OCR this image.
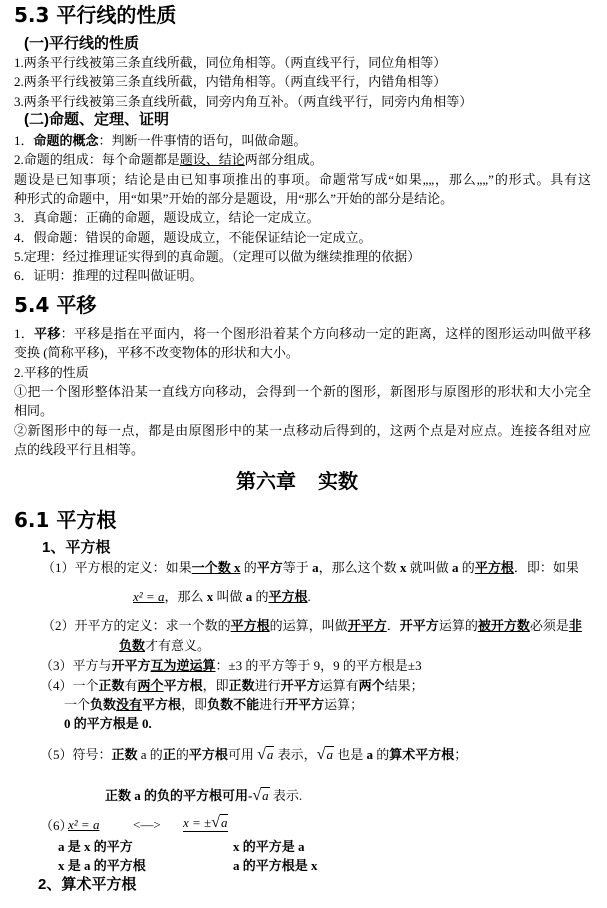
5.3 平行线的性质
(一)平行线的性质
1.两条平行线被第三条直线所截，同位角相等。（两直线平行，同位角相等）
2.两条平行线被第三条直线所截，内错角相等。（两直线平行，内错角相等）
3.两条平行线被第三条直线所截，同旁内角互补。（两直线平行，同旁内角相等）
(二)命题、定理、证明
1．命题的概念：判断一件事情的语句，叫做命题。
2.命题的组成：每个命题都是题设、结论两部分组成。
题设是已知事项；结论是由已知事项推出的事项。命题常写成“如果„„，那么„„”的形式。具有这
种形式的命题中，用“如果”开始的部分是题设，用“那么”开始的部分是结论。
3．真命题：正确的命题，题设成立，结论一定成立。
4．假命题：错误的命题，题设成立，不能保证结论一定成立。
5.定理：经过推理证实得到的真命题。（定理可以做为继续推理的依据）
6．证明：推理的过程叫做证明。
5.4 平移
1．平移：平移是指在平面内，将一个图形沿着某个方向移动一定的距离，这样的图形运动叫做平移
变换 (简称平移)，平移不改变物体的形状和大小。
2.平移的性质
①把一个图形整体沿某一直线方向移动，会得到一个新的图形，新图形与原图形的形状和大小完全
相同。
②新图形中的每一点，都是由原图形中的某一点移动后得到的，这两个点是对应点。连接各组对应
点的线段平行且相等。
第六章 实数
6.1 平方根
1、平方根
（1）平方根的定义：如果一个数 x 的平方等于 a，那么这个数 x 就叫做 a 的平方根．即：如果
x² = a，那么 x 叫做 a 的平方根.
（2）开平方的定义：求一个数的平方根的运算，叫做开平方．开平方运算的被开方数必须是非
负数才有意义。
（3）平方与开平方互为逆运算：±3 的平方等于 9，9 的平方根是±3
（4）一个正数有两个平方根，即正数进行开平方运算有两个结果；
一个负数没有平方根，即负数不能进行开平方运算；
0 的平方根是 0.
（5）符号：正数 a 的正的平方根可用 √a 表示，√a 也是 a 的算术平方根；
正数 a 的负的平方根可用-√a 表示.
（6）
x² = a	<—> x = ±√a
a 是 x 的平方	x 的平方是 a
x 是 a 的平方根	a 的平方根是 x
2、算术平方根
